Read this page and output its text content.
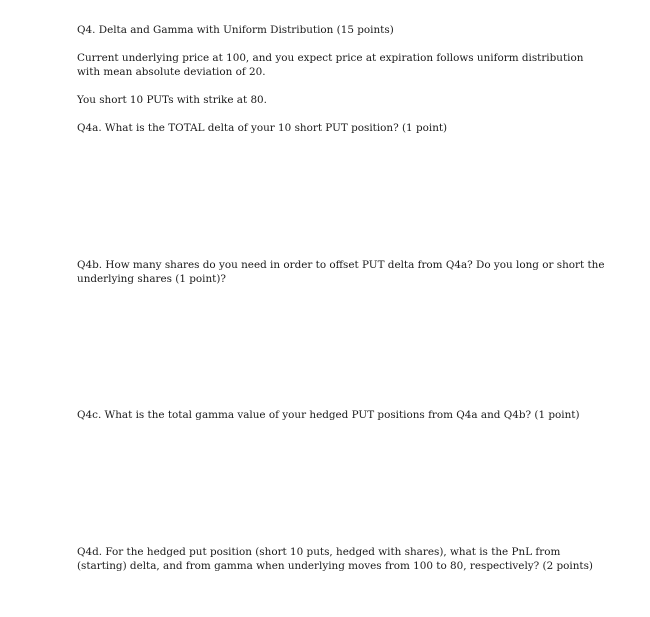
Q4. Delta and Gamma with Uniform Distribution (15 points)
Current underlying price at 100, and you expect price at expiration follows uniform distribution
with mean absolute deviation of 20.
You short 10 PUTs with strike at 80.
Q4a. What is the TOTAL delta of your 10 short PUT position? (1 point)
Q4b. How many shares do you need in order to offset PUT delta from Q4a? Do you long or short the
underlying shares (1 point)?
Q4c. What is the total gamma value of your hedged PUT positions from Q4a and Q4b? (1 point)
Q4d. For the hedged put position (short 10 puts, hedged with shares), what is the PnL from
(starting) delta, and from gamma when underlying moves from 100 to 80, respectively? (2 points)
